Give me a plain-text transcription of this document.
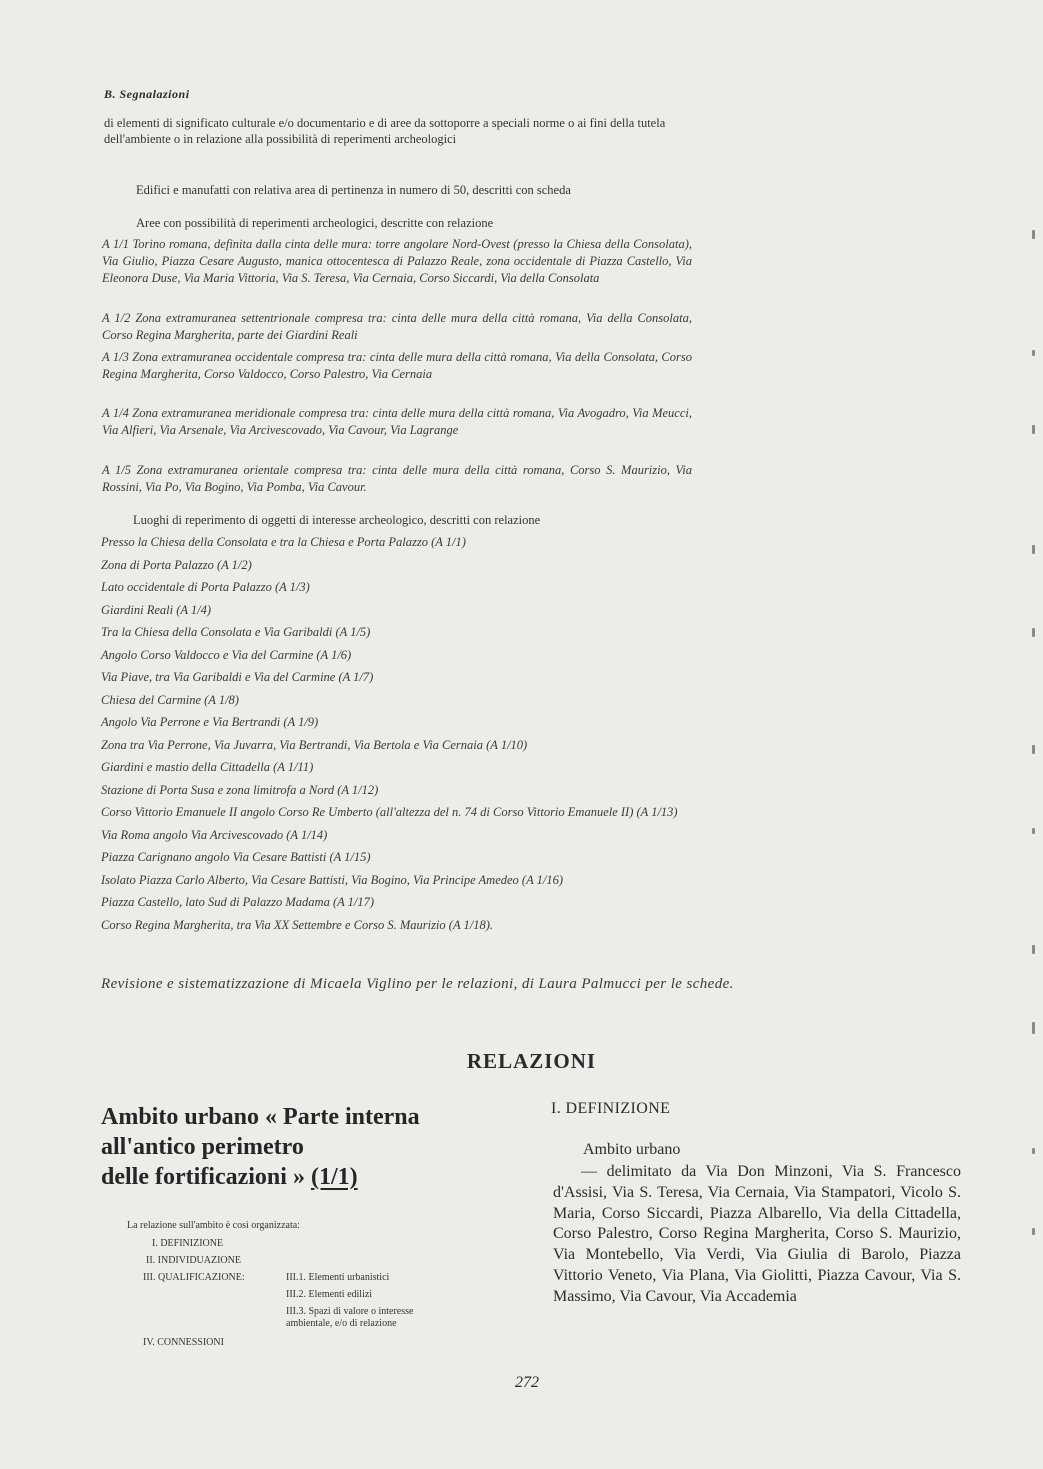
B. Segnalazioni
di elementi di significato culturale e/o documentario e di aree da sottoporre a speciali norme o ai fini della tutela dell'ambiente o in relazione alla possibilità di reperimenti archeologici
Edifici e manufatti con relativa area di pertinenza in numero di 50, descritti con scheda
Aree con possibilità di reperimenti archeologici, descritte con relazione
A 1/1 Torino romana, definita dalla cinta delle mura: torre angolare Nord-Ovest (presso la Chiesa della Consolata), Via Giulio, Piazza Cesare Augusto, manica ottocentesca di Palazzo Reale, zona occidentale di Piazza Castello, Via Eleonora Duse, Via Maria Vittoria, Via S. Teresa, Via Cernaia, Corso Siccardi, Via della Consolata
A 1/2 Zona extramuranea settentrionale compresa tra: cinta delle mura della città romana, Via della Consolata, Corso Regina Margherita, parte dei Giardini Reali
A 1/3 Zona extramuranea occidentale compresa tra: cinta delle mura della città romana, Via della Consolata, Corso Regina Margherita, Corso Valdocco, Corso Palestro, Via Cernaia
A 1/4 Zona extramuranea meridionale compresa tra: cinta delle mura della città romana, Via Avogadro, Via Meucci, Via Alfieri, Via Arsenale, Via Arcivescovado, Via Cavour, Via Lagrange
A 1/5 Zona extramuranea orientale compresa tra: cinta delle mura della città romana, Corso S. Maurizio, Via Rossini, Via Po, Via Bogino, Via Pomba, Via Cavour.
Luoghi di reperimento di oggetti di interesse archeologico, descritti con relazione
Presso la Chiesa della Consolata e tra la Chiesa e Porta Palazzo (A 1/1)
Zona di Porta Palazzo (A 1/2)
Lato occidentale di Porta Palazzo (A 1/3)
Giardini Reali (A 1/4)
Tra la Chiesa della Consolata e Via Garibaldi (A 1/5)
Angolo Corso Valdocco e Via del Carmine (A 1/6)
Via Piave, tra Via Garibaldi e Via del Carmine (A 1/7)
Chiesa del Carmine (A 1/8)
Angolo Via Perrone e Via Bertrandi (A 1/9)
Zona tra Via Perrone, Via Juvarra, Via Bertrandi, Via Bertola e Via Cernaia (A 1/10)
Giardini e mastio della Cittadella (A 1/11)
Stazione di Porta Susa e zona limitrofa a Nord (A 1/12)
Corso Vittorio Emanuele II angolo Corso Re Umberto (all'altezza del n. 74 di Corso Vittorio Emanuele II) (A 1/13)
Via Roma angolo Via Arcivescovado (A 1/14)
Piazza Carignano angolo Via Cesare Battisti (A 1/15)
Isolato Piazza Carlo Alberto, Via Cesare Battisti, Via Bogino, Via Principe Amedeo (A 1/16)
Piazza Castello, lato Sud di Palazzo Madama (A 1/17)
Corso Regina Margherita, tra Via XX Settembre e Corso S. Maurizio (A 1/18).
Revisione e sistematizzazione di Micaela Viglino per le relazioni, di Laura Palmucci per le schede.
RELAZIONI
Ambito urbano « Parte interna
all'antico perimetro
delle fortificazioni » (1/1)
La relazione sull'ambito è così organizzata:
I. DEFINIZIONE
II. INDIVIDUAZIONE
III. QUALIFICAZIONE:	III.1. Elementi urbanistici
III.2. Elementi edilizi
III.3. Spazi di valore o interesse ambientale, e/o di relazione
IV. CONNESSIONI
I. DEFINIZIONE
Ambito urbano
— delimitato da Via Don Minzoni, Via S. Francesco d'Assisi, Via S. Teresa, Via Cernaia, Via Stampatori, Vicolo S. Maria, Corso Siccardi, Piazza Albarello, Via della Cittadella, Corso Palestro, Corso Regina Margherita, Corso S. Maurizio, Via Montebello, Via Verdi, Via Giulia di Barolo, Piazza Vittorio Veneto, Via Plana, Via Giolitti, Piazza Cavour, Via S. Massimo, Via Cavour, Via Accademia
272
